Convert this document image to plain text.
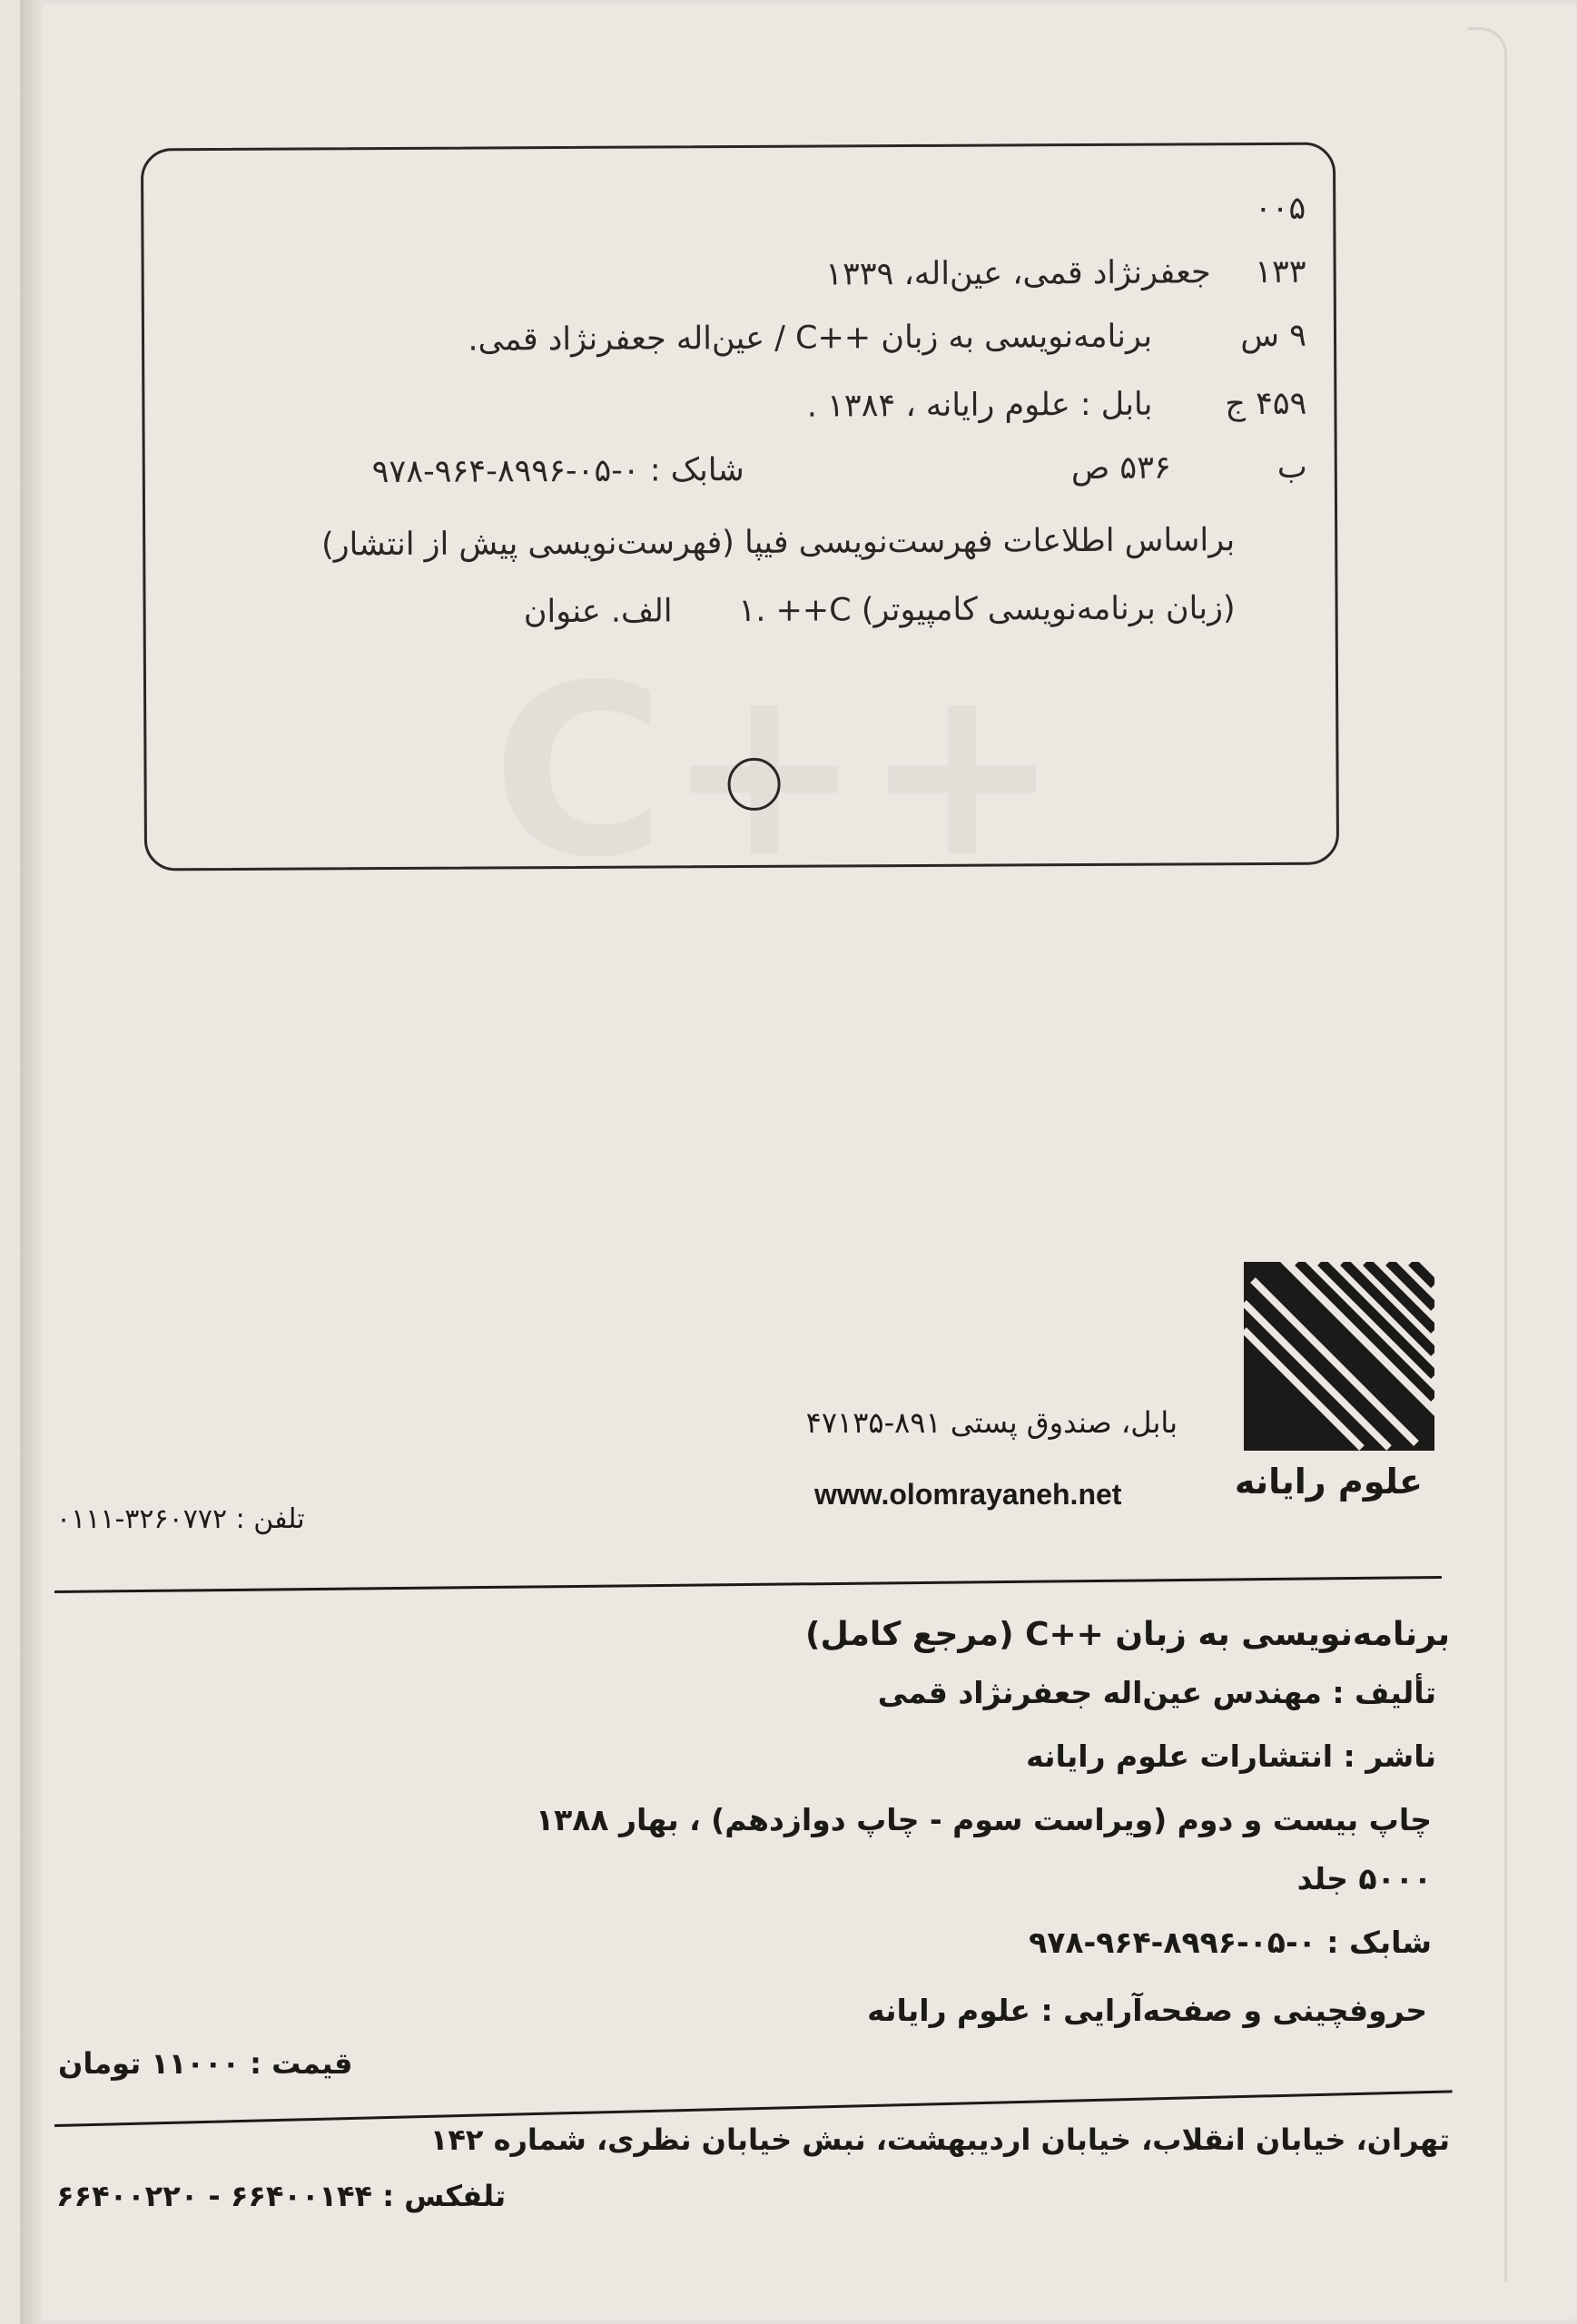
C++
۰۰۵
۱۳۳
جعفرنژاد قمی، عین‌اله، ۱۳۳۹
۹ س
برنامه‌نویسی به زبان ++C / عین‌اله جعفرنژاد قمی.
۴۵۹ ج
بابل : علوم رایانه ، ۱۳۸۴ .
ب
۵۳۶ ص
شابک : ۰-۰۵-۸۹۹۶-۹۶۴-۹۷۸
براساس اطلاعات فهرست‌نویسی فیپا (فهرست‌نویسی پیش از انتشار)
۱. ++C (زبان برنامه‌نویسی کامپیوتر)
الف. عنوان
علوم رایانه
بابل، صندوق پستی ۸۹۱-۴۷۱۳۵
www.olomrayaneh.net
تلفن : ۳۲۶۰۷۷۲-۰۱۱۱
برنامه‌نویسی به زبان ++C (مرجع کامل)
تألیف : مهندس عین‌اله جعفرنژاد قمی
ناشر : انتشارات علوم رایانه
چاپ بیست و دوم (ویراست سوم - چاپ دوازدهم) ، بهار ۱۳۸۸
۵۰۰۰ جلد
شابک : ۰-۰۵-۸۹۹۶-۹۶۴-۹۷۸
حروفچینی و صفحه‌آرایی : علوم رایانه
قیمت : ۱۱۰۰۰ تومان
تهران، خیابان انقلاب، خیابان اردیبهشت، نبش خیابان نظری، شماره ۱۴۲
تلفکس : ۶۶۴۰۰۱۴۴ - ۶۶۴۰۰۲۲۰
